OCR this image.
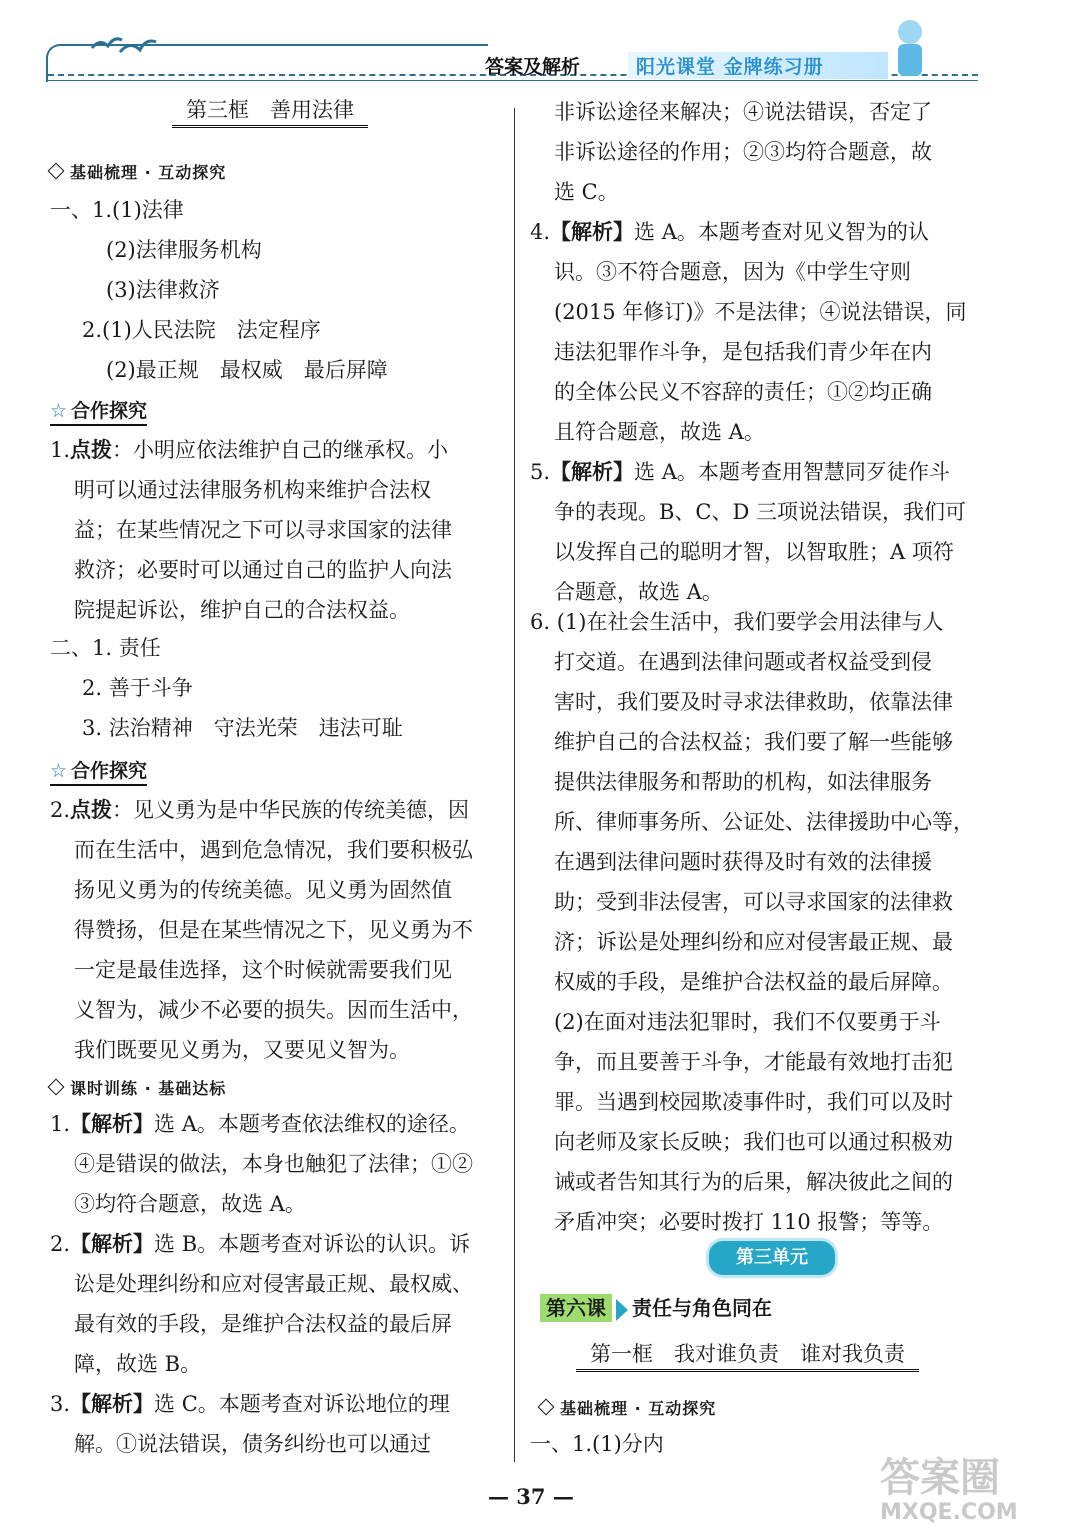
答案及解析	阳光课堂 金牌练习册
第三框　善用法律
基础梳理 · 互动探究
一、1.(1)法律
(2)法律服务机构
(3)法律救济
2.(1)人民法院　法定程序
(2)最正规　最权威　最后屏障
☆ 合作探究
1.点拨：小明应依法维护自己的继承权。小
明可以通过法律服务机构来维护合法权
益；在某些情况之下可以寻求国家的法律
救济；必要时可以通过自己的监护人向法
院提起诉讼，维护自己的合法权益。
二、1. 责任
2. 善于斗争
3. 法治精神　守法光荣　违法可耻
☆ 合作探究
2.点拨：见义勇为是中华民族的传统美德，因
而在生活中，遇到危急情况，我们要积极弘
扬见义勇为的传统美德。见义勇为固然值
得赞扬，但是在某些情况之下，见义勇为不
一定是最佳选择，这个时候就需要我们见
义智为，减少不必要的损失。因而生活中，
我们既要见义勇为，又要见义智为。
课时训练 · 基础达标
1.【解析】选 A。本题考查依法维权的途径。
④是错误的做法，本身也触犯了法律；①②
③均符合题意，故选 A。
2.【解析】选 B。本题考查对诉讼的认识。诉
讼是处理纠纷和应对侵害最正规、最权威、
最有效的手段，是维护合法权益的最后屏
障，故选 B。
3.【解析】选 C。本题考查对诉讼地位的理
解。①说法错误，债务纠纷也可以通过
非诉讼途径来解决；④说法错误，否定了
非诉讼途径的作用；②③均符合题意，故
选 C。
4.【解析】选 A。本题考查对见义智为的认
识。③不符合题意，因为《中学生守则
(2015 年修订)》不是法律；④说法错误，同
违法犯罪作斗争，是包括我们青少年在内
的全体公民义不容辞的责任；①②均正确
且符合题意，故选 A。
5.【解析】选 A。本题考查用智慧同歹徒作斗
争的表现。B、C、D 三项说法错误，我们可
以发挥自己的聪明才智，以智取胜；A 项符
合题意，故选 A。
6. (1)在社会生活中，我们要学会用法律与人
打交道。在遇到法律问题或者权益受到侵
害时，我们要及时寻求法律救助，依靠法律
维护自己的合法权益；我们要了解一些能够
提供法律服务和帮助的机构，如法律服务
所、律师事务所、公证处、法律援助中心等，
在遇到法律问题时获得及时有效的法律援
助；受到非法侵害，可以寻求国家的法律救
济；诉讼是处理纠纷和应对侵害最正规、最
权威的手段，是维护合法权益的最后屏障。
(2)在面对违法犯罪时，我们不仅要勇于斗
争，而且要善于斗争，才能最有效地打击犯
罪。当遇到校园欺凌事件时，我们可以及时
向老师及家长反映；我们也可以通过积极劝
诫或者告知其行为的后果，解决彼此之间的
矛盾冲突；必要时拨打 110 报警；等等。
第三单元
第六课 责任与角色同在
第一框　我对谁负责　谁对我负责
基础梳理 · 互动探究
一、1.(1)分内
— 37 —	答案圈
MXQE.COM
